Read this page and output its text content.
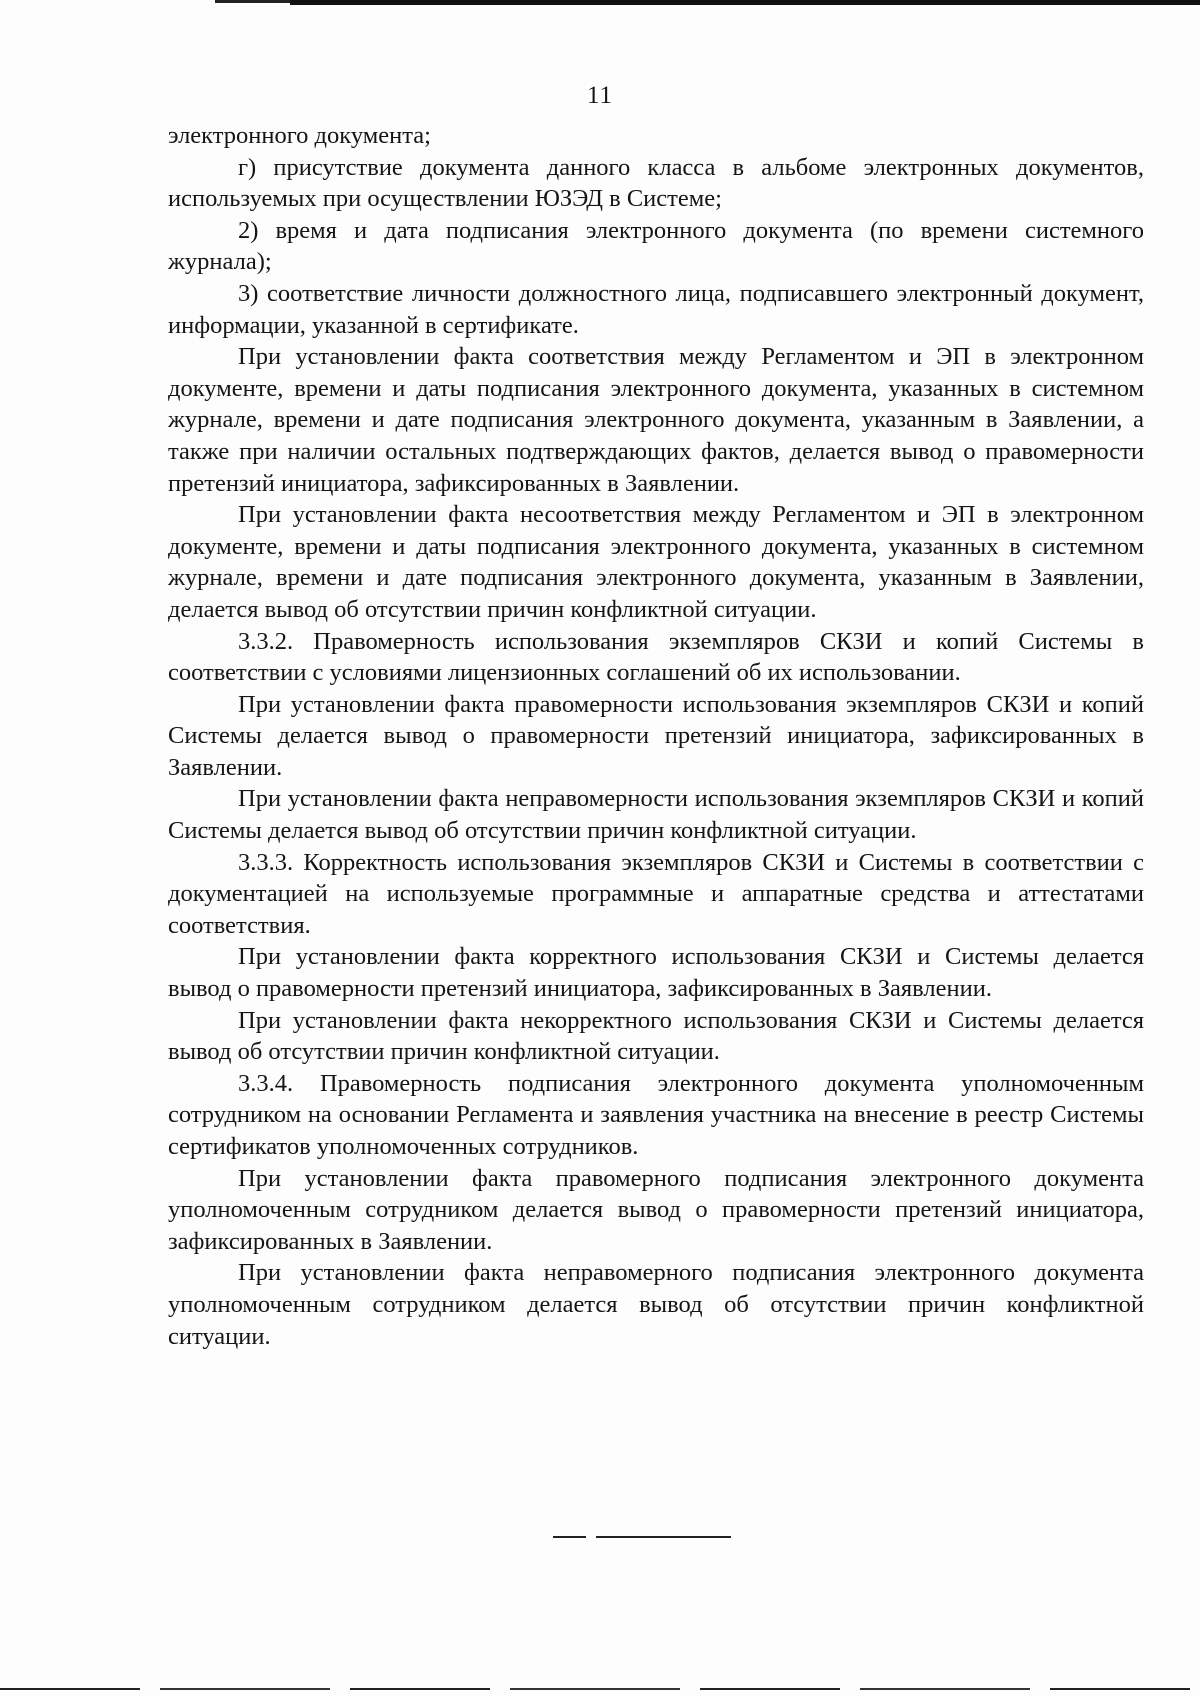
11

электронного документа;

г) присутствие документа данного класса в альбоме электронных документов, используемых при осуществлении ЮЗЭД в Системе;

2) время и дата подписания электронного документа (по времени системного журнала);

3) соответствие личности должностного лица, подписавшего электронный документ, информации, указанной в сертификате.

При установлении факта соответствия между Регламентом и ЭП в электронном документе, времени и даты подписания электронного документа, указанных в системном журнале, времени и дате подписания электронного документа, указанным в Заявлении, а также при наличии остальных подтверждающих фактов, делается вывод о правомерности претензий инициатора, зафиксированных в Заявлении.

При установлении факта несоответствия между Регламентом и ЭП в электронном документе, времени и даты подписания электронного документа, указанных в системном журнале, времени и дате подписания электронного документа, указанным в Заявлении, делается вывод об отсутствии причин конфликтной ситуации.

3.3.2. Правомерность использования экземпляров СКЗИ и копий Системы в соответствии с условиями лицензионных соглашений об их использовании.

При установлении факта правомерности использования экземпляров СКЗИ и копий Системы делается вывод о правомерности претензий инициатора, зафиксированных в Заявлении.

При установлении факта неправомерности использования экземпляров СКЗИ и копий Системы делается вывод об отсутствии причин конфликтной ситуации.

3.3.3. Корректность использования экземпляров СКЗИ и Системы в соответствии с документацией на используемые программные и аппаратные средства и аттестатами соответствия.

При установлении факта корректного использования СКЗИ и Системы делается вывод о правомерности претензий инициатора, зафиксированных в Заявлении.

При установлении факта некорректного использования СКЗИ и Системы делается вывод об отсутствии причин конфликтной ситуации.

3.3.4. Правомерность подписания электронного документа уполномоченным сотрудником на основании Регламента и заявления участника на внесение в реестр Системы сертификатов уполномоченных сотрудников.

При установлении факта правомерного подписания электронного документа уполномоченным сотрудником делается вывод о правомерности претензий инициатора, зафиксированных в Заявлении.

При установлении факта неправомерного подписания электронного документа уполномоченным сотрудником делается вывод об отсутствии причин конфликтной ситуации.
